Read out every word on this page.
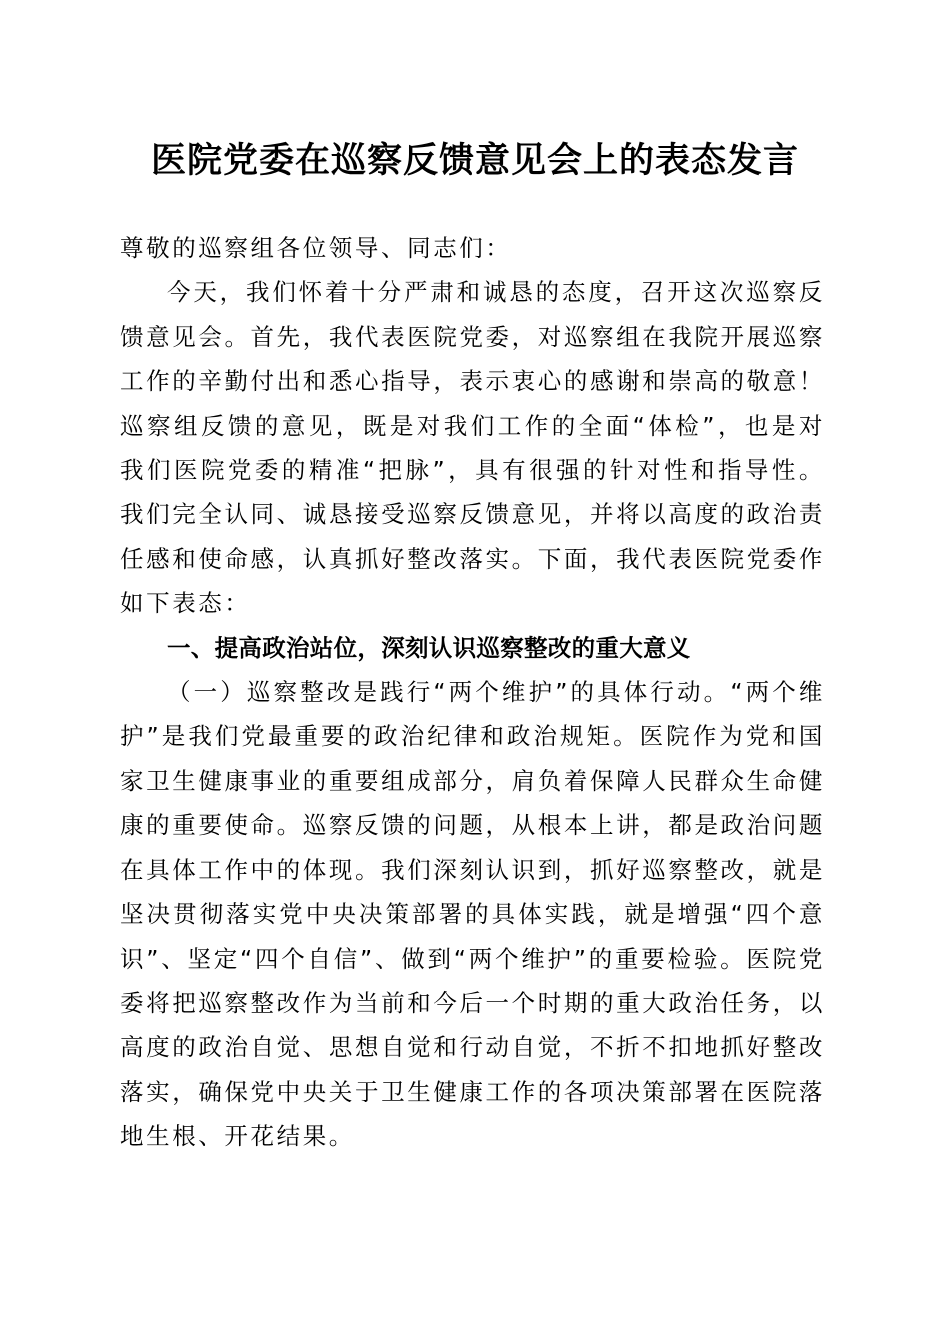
医院党委在巡察反馈意见会上的表态发言

尊敬的巡察组各位领导、同志们：

今天，我们怀着十分严肃和诚恳的态度，召开这次巡察反馈意见会。首先，我代表医院党委，对巡察组在我院开展巡察工作的辛勤付出和悉心指导，表示衷心的感谢和崇高的敬意！巡察组反馈的意见，既是对我们工作的全面“体检”，也是对我们医院党委的精准“把脉”，具有很强的针对性和指导性。我们完全认同、诚恳接受巡察反馈意见，并将以高度的政治责任感和使命感，认真抓好整改落实。下面，我代表医院党委作如下表态：

一、提高政治站位，深刻认识巡察整改的重大意义

（一）巡察整改是践行“两个维护”的具体行动。“两个维护”是我们党最重要的政治纪律和政治规矩。医院作为党和国家卫生健康事业的重要组成部分，肩负着保障人民群众生命健康的重要使命。巡察反馈的问题，从根本上讲，都是政治问题在具体工作中的体现。我们深刻认识到，抓好巡察整改，就是坚决贯彻落实党中央决策部署的具体实践，就是增强“四个意识”、坚定“四个自信”、做到“两个维护”的重要检验。医院党委将把巡察整改作为当前和今后一个时期的重大政治任务，以高度的政治自觉、思想自觉和行动自觉，不折不扣地抓好整改落实，确保党中央关于卫生健康工作的各项决策部署在医院落地生根、开花结果。
